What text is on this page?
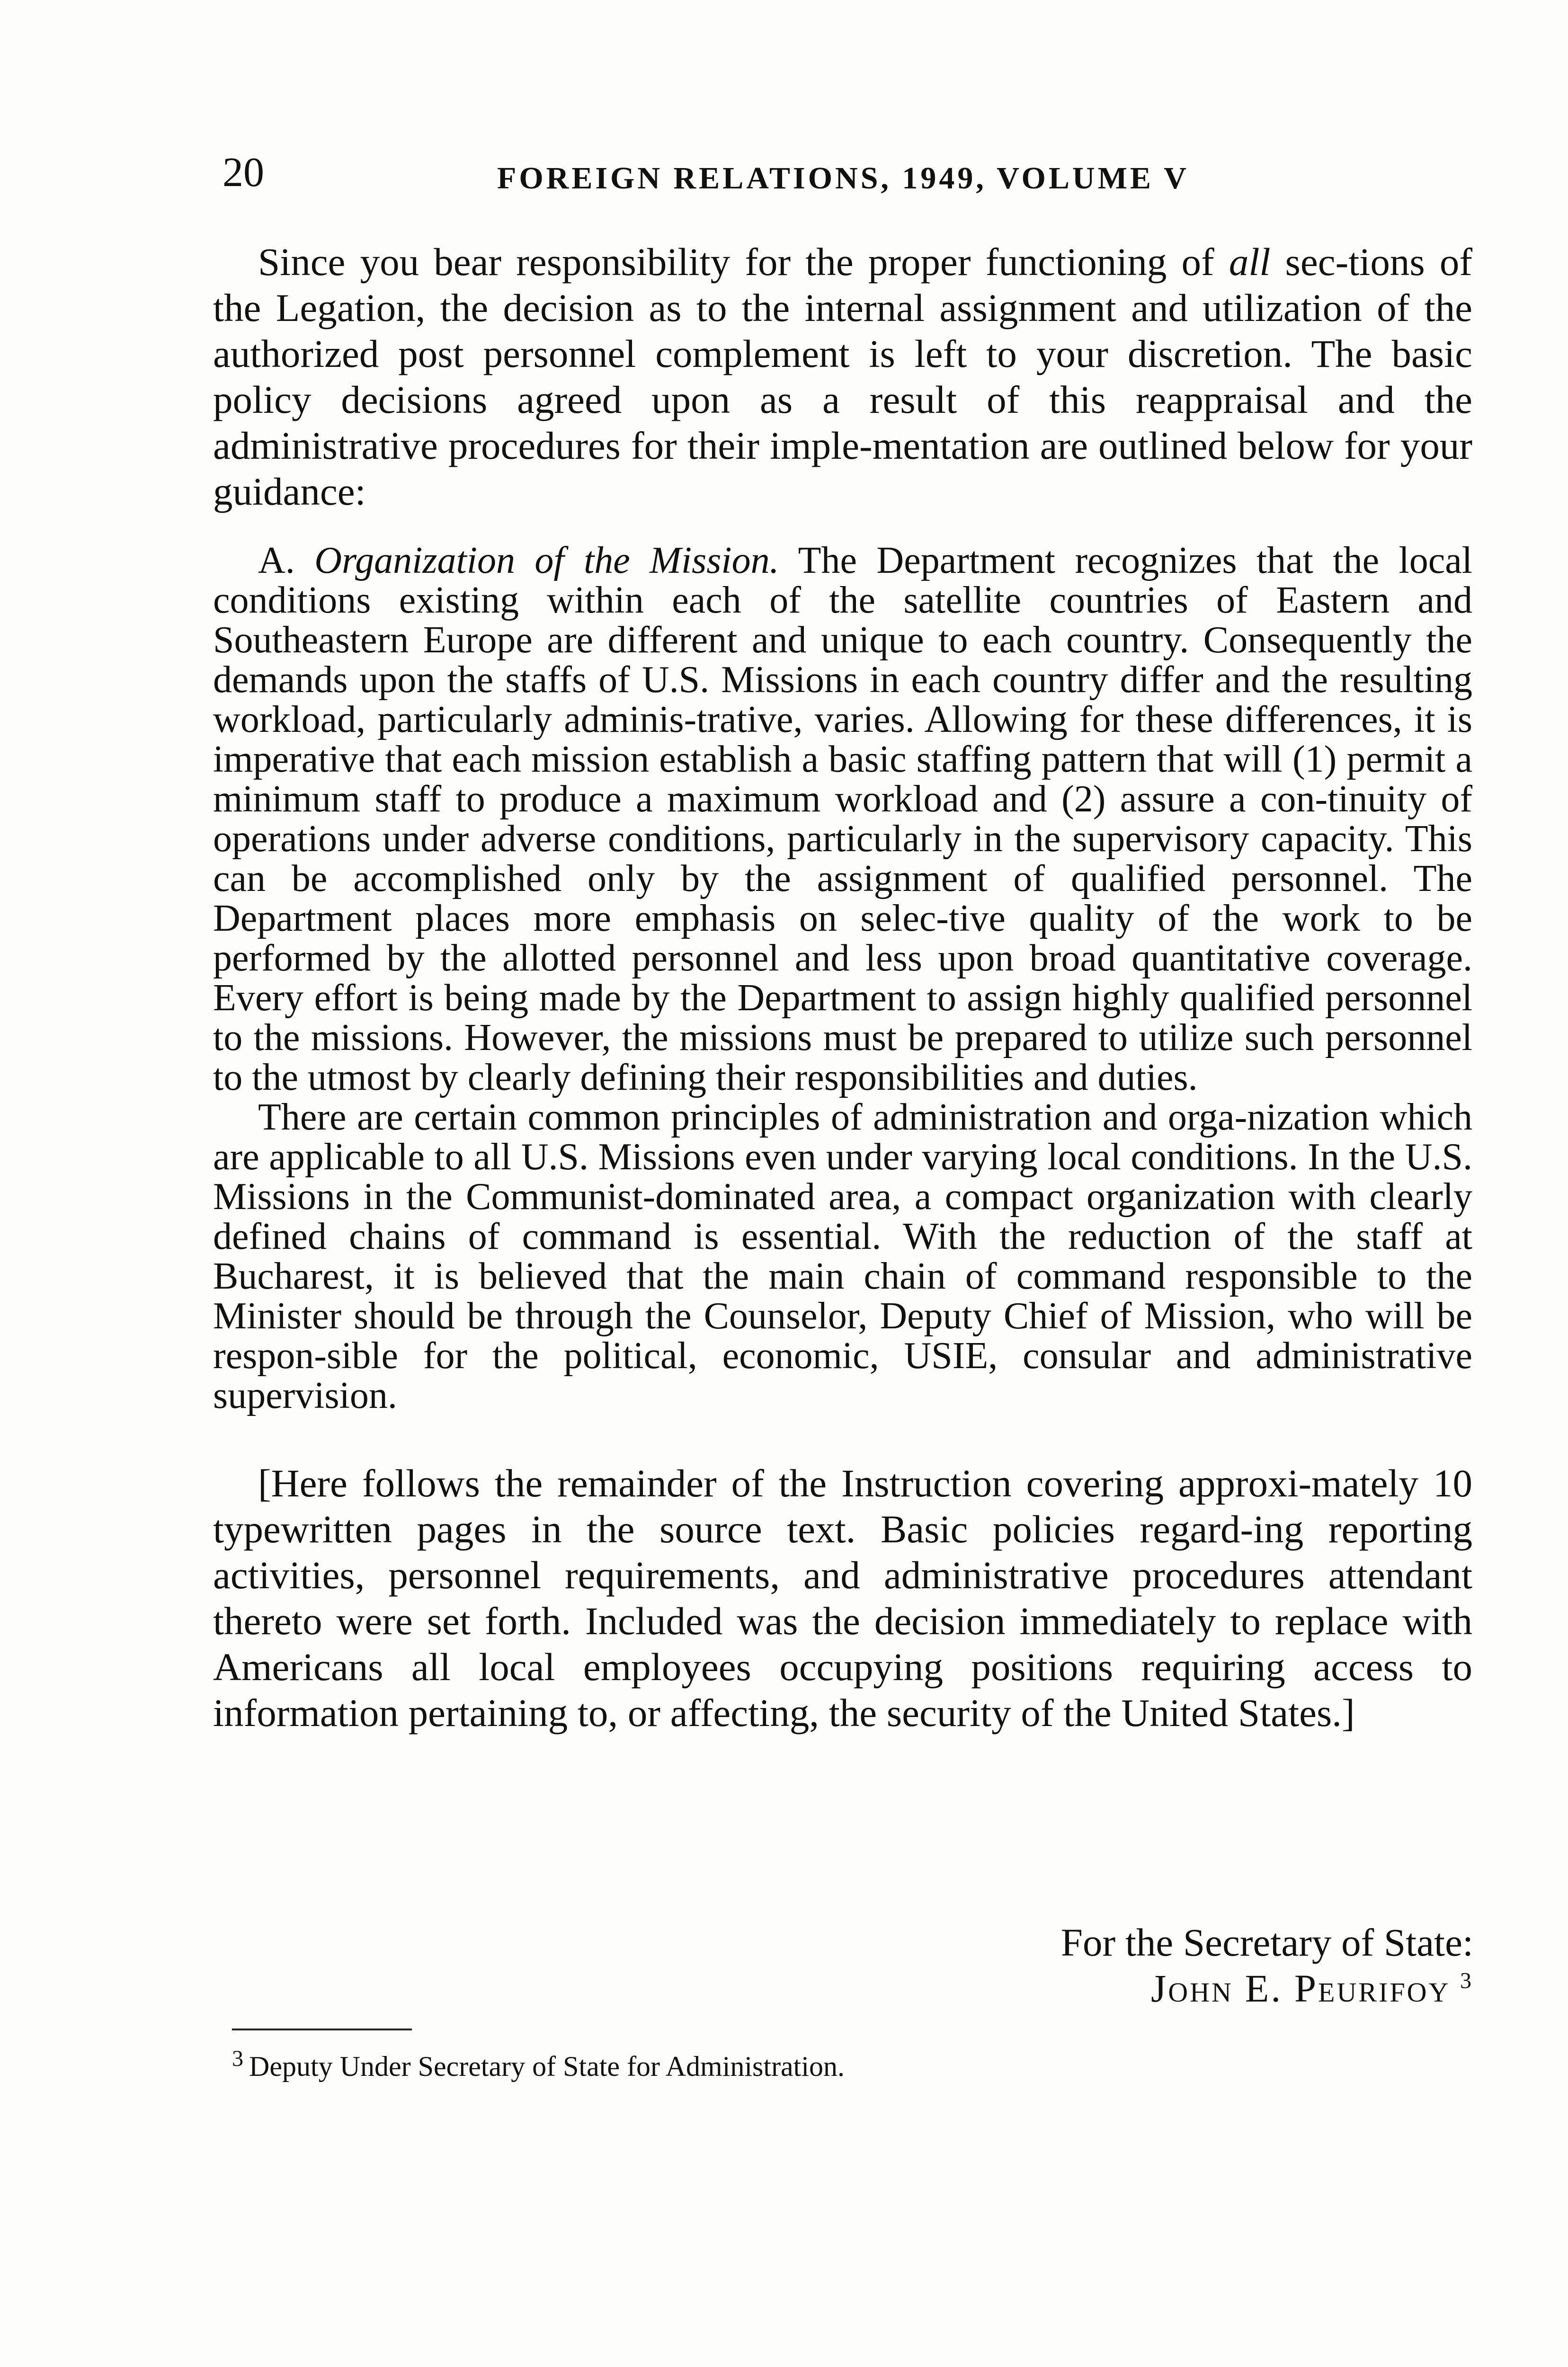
20	FOREIGN RELATIONS, 1949, VOLUME V

Since you bear responsibility for the proper functioning of all sec-tions of the Legation, the decision as to the internal assignment and utilization of the authorized post personnel complement is left to your discretion. The basic policy decisions agreed upon as a result of this reappraisal and the administrative procedures for their imple-mentation are outlined below for your guidance:

A. Organization of the Mission. The Department recognizes that the local conditions existing within each of the satellite countries of Eastern and Southeastern Europe are different and unique to each country. Consequently the demands upon the staffs of U.S. Missions in each country differ and the resulting workload, particularly adminis-trative, varies. Allowing for these differences, it is imperative that each mission establish a basic staffing pattern that will (1) permit a minimum staff to produce a maximum workload and (2) assure a con-tinuity of operations under adverse conditions, particularly in the supervisory capacity. This can be accomplished only by the assignment of qualified personnel. The Department places more emphasis on selec-tive quality of the work to be performed by the allotted personnel and less upon broad quantitative coverage. Every effort is being made by the Department to assign highly qualified personnel to the missions. However, the missions must be prepared to utilize such personnel to the utmost by clearly defining their responsibilities and duties.

There are certain common principles of administration and orga-nization which are applicable to all U.S. Missions even under varying local conditions. In the U.S. Missions in the Communist-dominated area, a compact organization with clearly defined chains of command is essential. With the reduction of the staff at Bucharest, it is believed that the main chain of command responsible to the Minister should be through the Counselor, Deputy Chief of Mission, who will be respon-sible for the political, economic, USIE, consular and administrative supervision.

[Here follows the remainder of the Instruction covering approxi-mately 10 typewritten pages in the source text. Basic policies regard-ing reporting activities, personnel requirements, and administrative procedures attendant thereto were set forth. Included was the decision immediately to replace with Americans all local employees occupying positions requiring access to information pertaining to, or affecting, the security of the United States.]

For the Secretary of State:
John E. Peurifoy  $^3$
$^3$  Deputy Under Secretary of State for Administration.
